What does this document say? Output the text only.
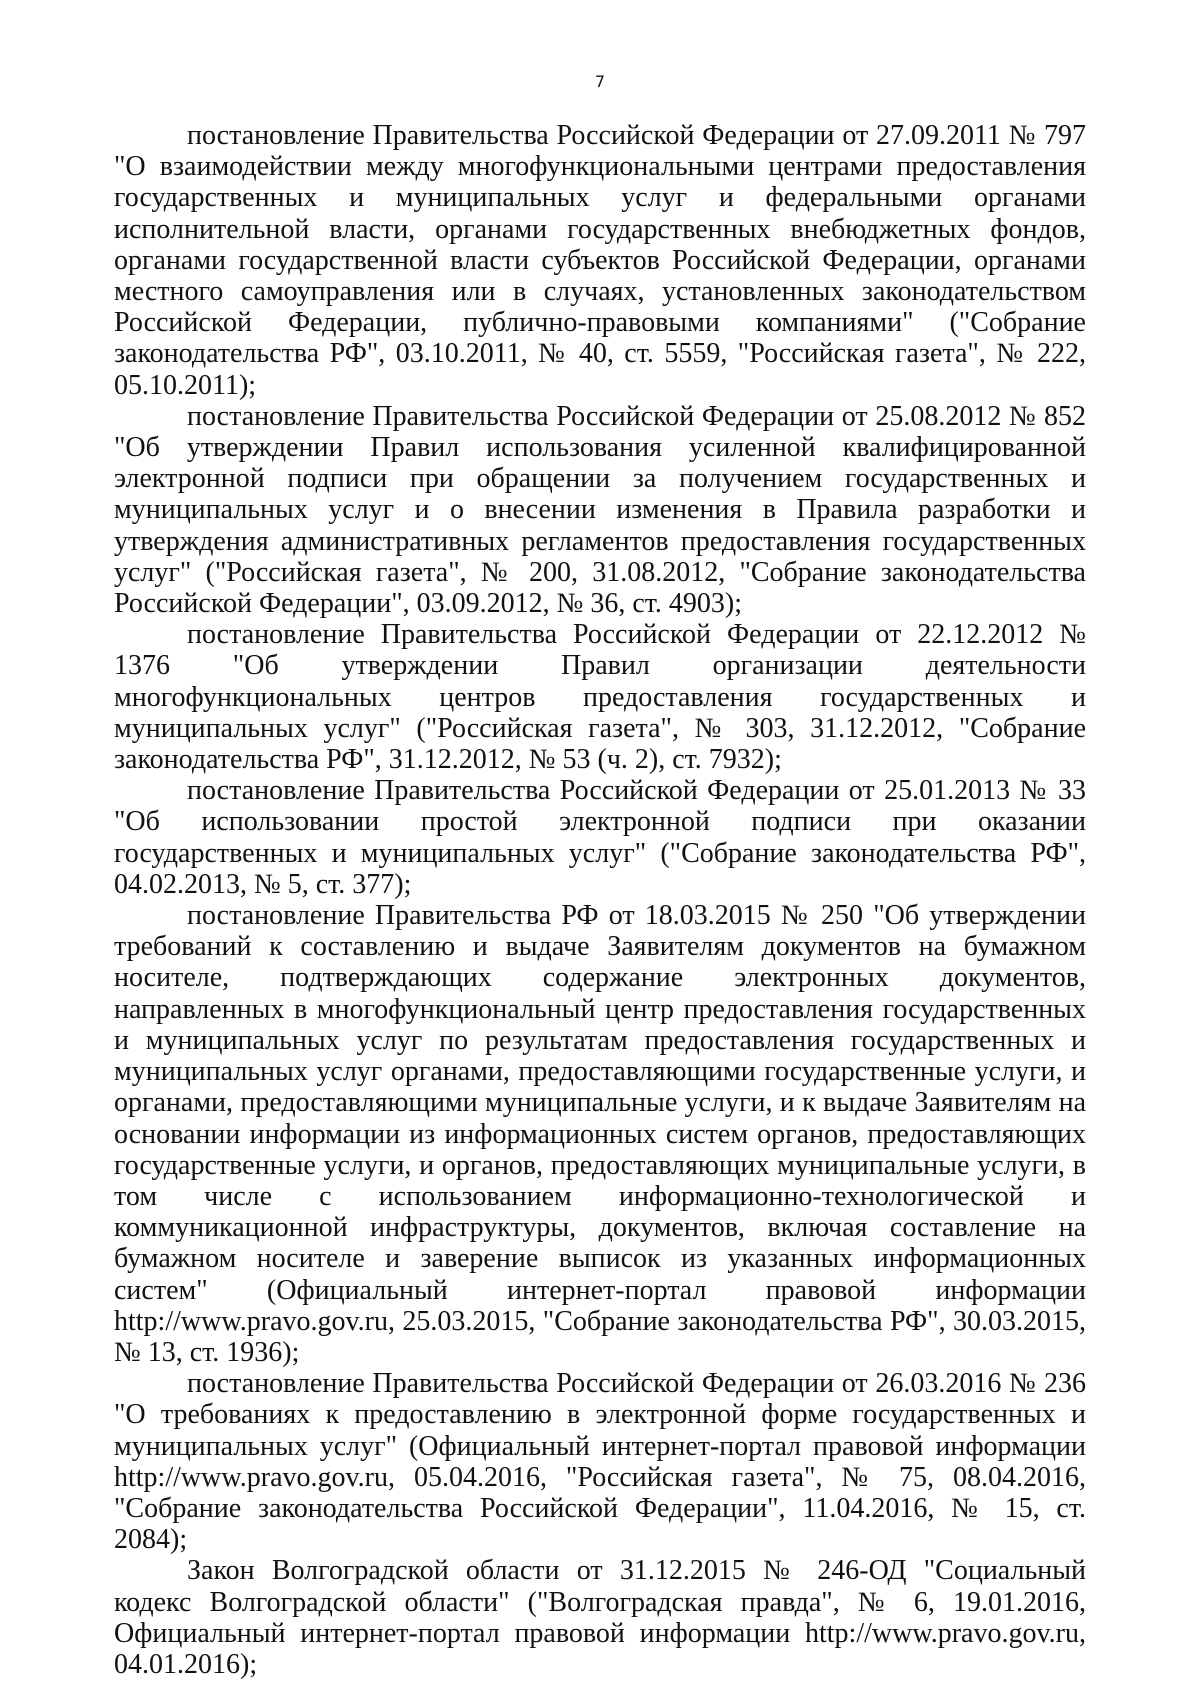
7

постановление Правительства Российской Федерации от 27.09.2011 № 797 "О взаимодействии между многофункциональными центрами предоставления государственных и муниципальных услуг и федеральными органами исполнительной власти, органами государственных внебюджетных фондов, органами государственной власти субъектов Российской Федерации, органами местного самоуправления или в случаях, установленных законодательством Российской Федерации, публично-правовыми компаниями" ("Собрание законодательства РФ", 03.10.2011, № 40, ст. 5559, "Российская газета", № 222, 05.10.2011);

постановление Правительства Российской Федерации от 25.08.2012 № 852 "Об утверждении Правил использования усиленной квалифицированной электронной подписи при обращении за получением государственных и муниципальных услуг и о внесении изменения в Правила разработки и утверждения административных регламентов предоставления государственных услуг" ("Российская газета", № 200, 31.08.2012, "Собрание законодательства Российской Федерации", 03.09.2012, № 36, ст. 4903);

постановление Правительства Российской Федерации от 22.12.2012 № 1376 "Об утверждении Правил организации деятельности многофункциональных центров предоставления государственных и муниципальных услуг" ("Российская газета", № 303, 31.12.2012, "Собрание законодательства РФ", 31.12.2012, № 53 (ч. 2), ст. 7932);

постановление Правительства Российской Федерации от 25.01.2013 № 33 "Об использовании простой электронной подписи при оказании государственных и муниципальных услуг" ("Собрание законодательства РФ", 04.02.2013, № 5, ст. 377);

постановление Правительства РФ от 18.03.2015 № 250 "Об утверждении требований к составлению и выдаче Заявителям документов на бумажном носителе, подтверждающих содержание электронных документов, направленных в многофункциональный центр предоставления государственных и муниципальных услуг по результатам предоставления государственных и муниципальных услуг органами, предоставляющими государственные услуги, и органами, предоставляющими муниципальные услуги, и к выдаче Заявителям на основании информации из информационных систем органов, предоставляющих государственные услуги, и органов, предоставляющих муниципальные услуги, в том числе с использованием информационно-технологической и коммуникационной инфраструктуры, документов, включая составление на бумажном носителе и заверение выписок из указанных информационных систем" (Официальный интернет-портал правовой информации http://www.pravo.gov.ru, 25.03.2015, "Собрание законодательства РФ", 30.03.2015, № 13, ст. 1936);

постановление Правительства Российской Федерации от 26.03.2016 № 236 "О требованиях к предоставлению в электронной форме государственных и муниципальных услуг" (Официальный интернет-портал правовой информации http://www.pravo.gov.ru, 05.04.2016, "Российская газета", № 75, 08.04.2016, "Собрание законодательства Российской Федерации", 11.04.2016, № 15, ст. 2084);

Закон Волгоградской области от 31.12.2015 № 246-ОД "Социальный кодекс Волгоградской области" ("Волгоградская правда", № 6, 19.01.2016, Официальный интернет-портал правовой информации http://www.pravo.gov.ru, 04.01.2016);
